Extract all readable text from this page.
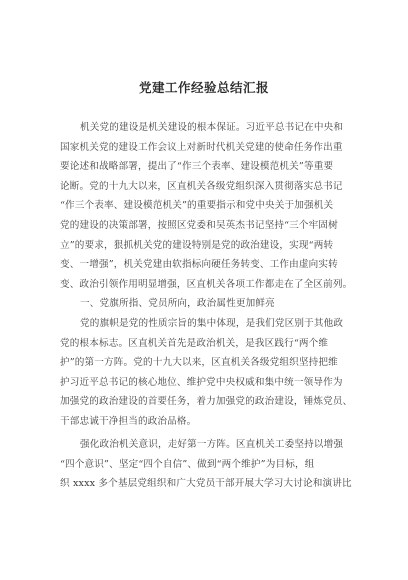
党建工作经验总结汇报
机关党的建设是机关建设的根本保证。习近平总书记在中央和
国家机关党的建设工作会议上对新时代机关党建的使命任务作出重
要论述和战略部署，提出了“作三个表率、建设模范机关”等重要
论断。党的十九大以来，区直机关各级党组织深入贯彻落实总书记
“作三个表率、建设模范机关”的重要指示和党中央关于加强机关
党的建设的决策部署，按照区党委和吴英杰书记坚持“三个牢固树
立”的要求，狠抓机关党的建设特别是党的政治建设，实现“两转
变、一增强”，机关党建由软指标向硬任务转变、工作由虚向实转
变、政治引领作用明显增强，区直机关各项工作都走在了全区前列。
一、党旗所指、党员所向，政治属性更加鲜亮
党的旗帜是党的性质宗旨的集中体现，是我们党区别于其他政
党的根本标志。区直机关首先是政治机关，是我区践行“两个维
护”的第一方阵。党的十九大以来，区直机关各级党组织坚持把维
护习近平总书记的核心地位、维护党中央权威和集中统一领导作为
加强党的政治建设的首要任务，着力加强党的政治建设，锤炼党员、
干部忠诚干净担当的政治品格。
强化政治机关意识，走好第一方阵。区直机关工委坚持以增强
“四个意识”、坚定“四个自信”、做到“两个维护”为目标，组
织 xxxx 多个基层党组织和广大党员干部开展大学习大讨论和演讲比
